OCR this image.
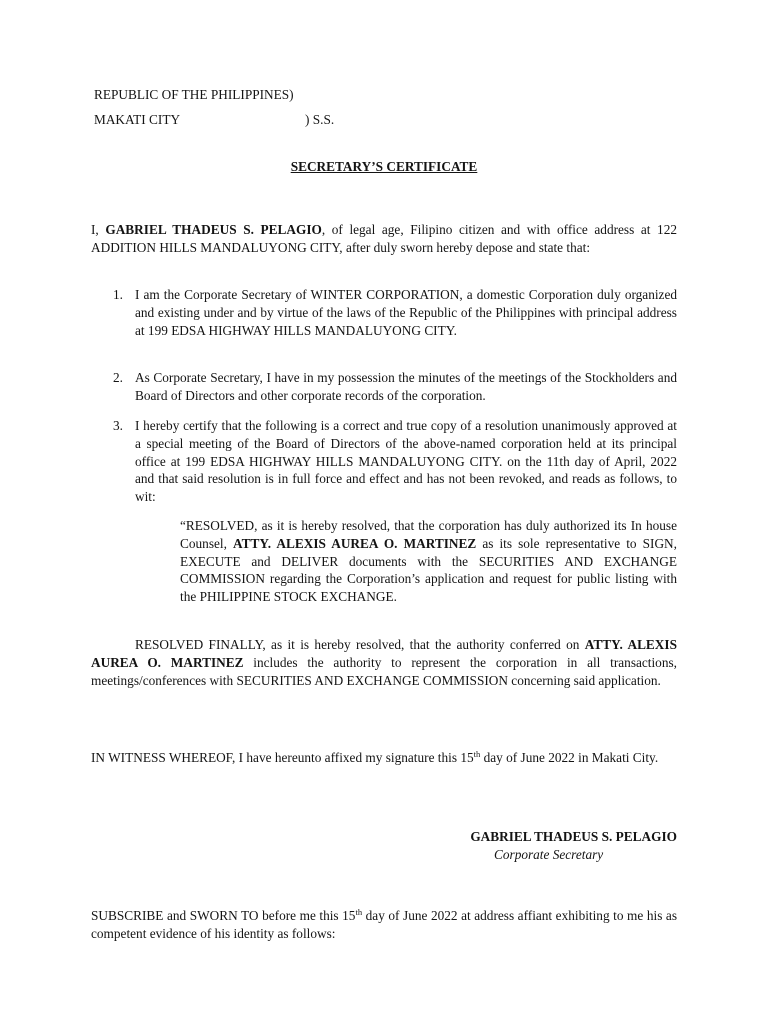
REPUBLIC OF THE PHILIPPINES)
MAKATI CITY	) S.S.
SECRETARY’S CERTIFICATE

I, GABRIEL THADEUS S. PELAGIO, of legal age, Filipino citizen and with office address at 122 ADDITION HILLS MANDALUYONG CITY, after duly sworn hereby depose and state that:

1. I am the Corporate Secretary of WINTER CORPORATION, a domestic Corporation duly organized and existing under and by virtue of the laws of the Republic of the Philippines with principal address at 199 EDSA HIGHWAY HILLS MANDALUYONG CITY.

2. As Corporate Secretary, I have in my possession the minutes of the meetings of the Stockholders and Board of Directors and other corporate records of the corporation.

3. I hereby certify that the following is a correct and true copy of a resolution unanimously approved at a special meeting of the Board of Directors of the above-named corporation held at its principal office at 199 EDSA HIGHWAY HILLS MANDALUYONG CITY. on the 11th day of April, 2022 and that said resolution is in full force and effect and has not been revoked, and reads as follows, to wit:

“RESOLVED, as it is hereby resolved, that the corporation has duly authorized its In house Counsel, ATTY. ALEXIS AUREA O. MARTINEZ as its sole representative to SIGN, EXECUTE and DELIVER documents with the SECURITIES AND EXCHANGE COMMISSION regarding the Corporation’s application and request for public listing with the PHILIPPINE STOCK EXCHANGE.

RESOLVED FINALLY, as it is hereby resolved, that the authority conferred on ATTY. ALEXIS AUREA O. MARTINEZ includes the authority to represent the corporation in all transactions, meetings/conferences with SECURITIES AND EXCHANGE COMMISSION concerning said application.

IN WITNESS WHEREOF, I have hereunto affixed my signature this 15th day of June 2022 in Makati City.

GABRIEL THADEUS S. PELAGIO
Corporate Secretary

SUBSCRIBE and SWORN TO before me this 15th day of June 2022 at address affiant exhibiting to me his as competent evidence of his identity as follows:
